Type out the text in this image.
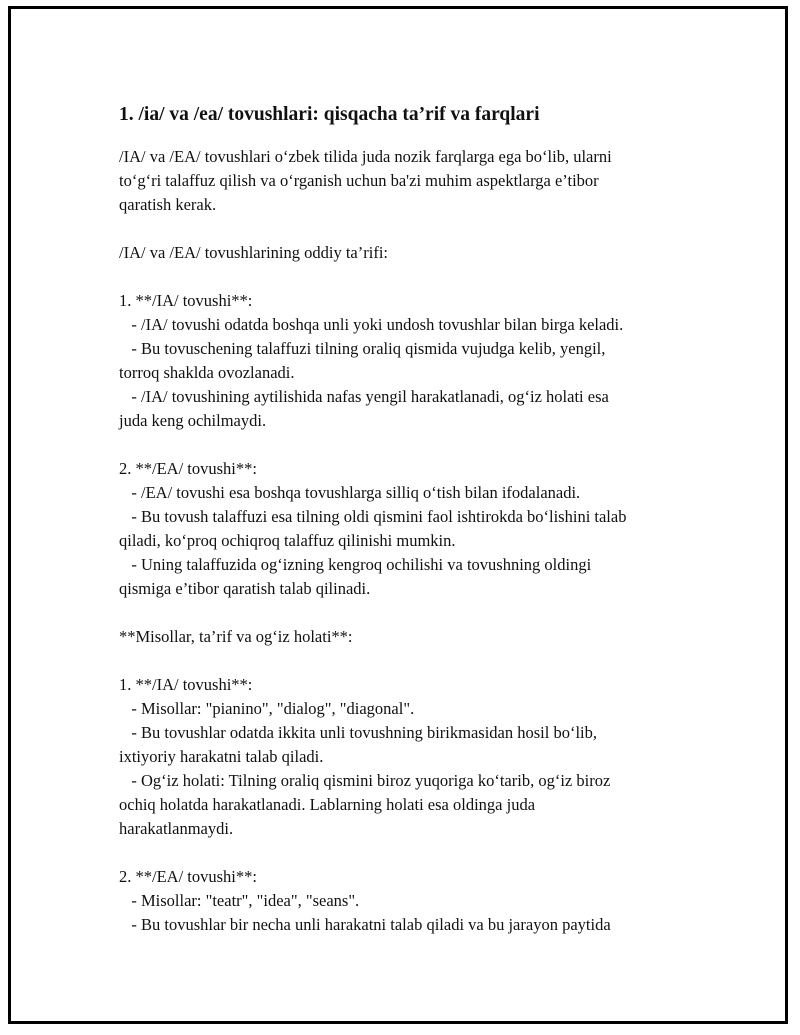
1. /ia/ va /ea/ tovushlari: qisqacha ta’rif va farqlari
/IA/ va /EA/ tovushlari o‘zbek tilida juda nozik farqlarga ega bo‘lib, ularni
to‘g‘ri talaffuz qilish va o‘rganish uchun ba'zi muhim aspektlarga e’tibor
qaratish kerak.
/IA/ va /EA/ tovushlarining oddiy ta’rifi:
1. **/IA/ tovushi**:
- /IA/ tovushi odatda boshqa unli yoki undosh tovushlar bilan birga keladi.
- Bu tovuschening talaffuzi tilning oraliq qismida vujudga kelib, yengil,
torroq shaklda ovozlanadi.
- /IA/ tovushining aytilishida nafas yengil harakatlanadi, og‘iz holati esa
juda keng ochilmaydi.
2. **/EA/ tovushi**:
- /EA/ tovushi esa boshqa tovushlarga silliq o‘tish bilan ifodalanadi.
- Bu tovush talaffuzi esa tilning oldi qismini faol ishtirokda bo‘lishini talab
qiladi, ko‘proq ochiqroq talaffuz qilinishi mumkin.
- Uning talaffuzida og‘izning kengroq ochilishi va tovushning oldingi
qismiga e’tibor qaratish talab qilinadi.
**Misollar, ta’rif va og‘iz holati**:
1. **/IA/ tovushi**:
- Misollar: "pianino", "dialog", "diagonal".
- Bu tovushlar odatda ikkita unli tovushning birikmasidan hosil bo‘lib,
ixtiyoriy harakatni talab qiladi.
- Og‘iz holati: Tilning oraliq qismini biroz yuqoriga ko‘tarib, og‘iz biroz
ochiq holatda harakatlanadi. Lablarning holati esa oldinga juda
harakatlanmaydi.
2. **/EA/ tovushi**:
- Misollar: "teatr", "idea", "seans".
- Bu tovushlar bir necha unli harakatni talab qiladi va bu jarayon paytida
